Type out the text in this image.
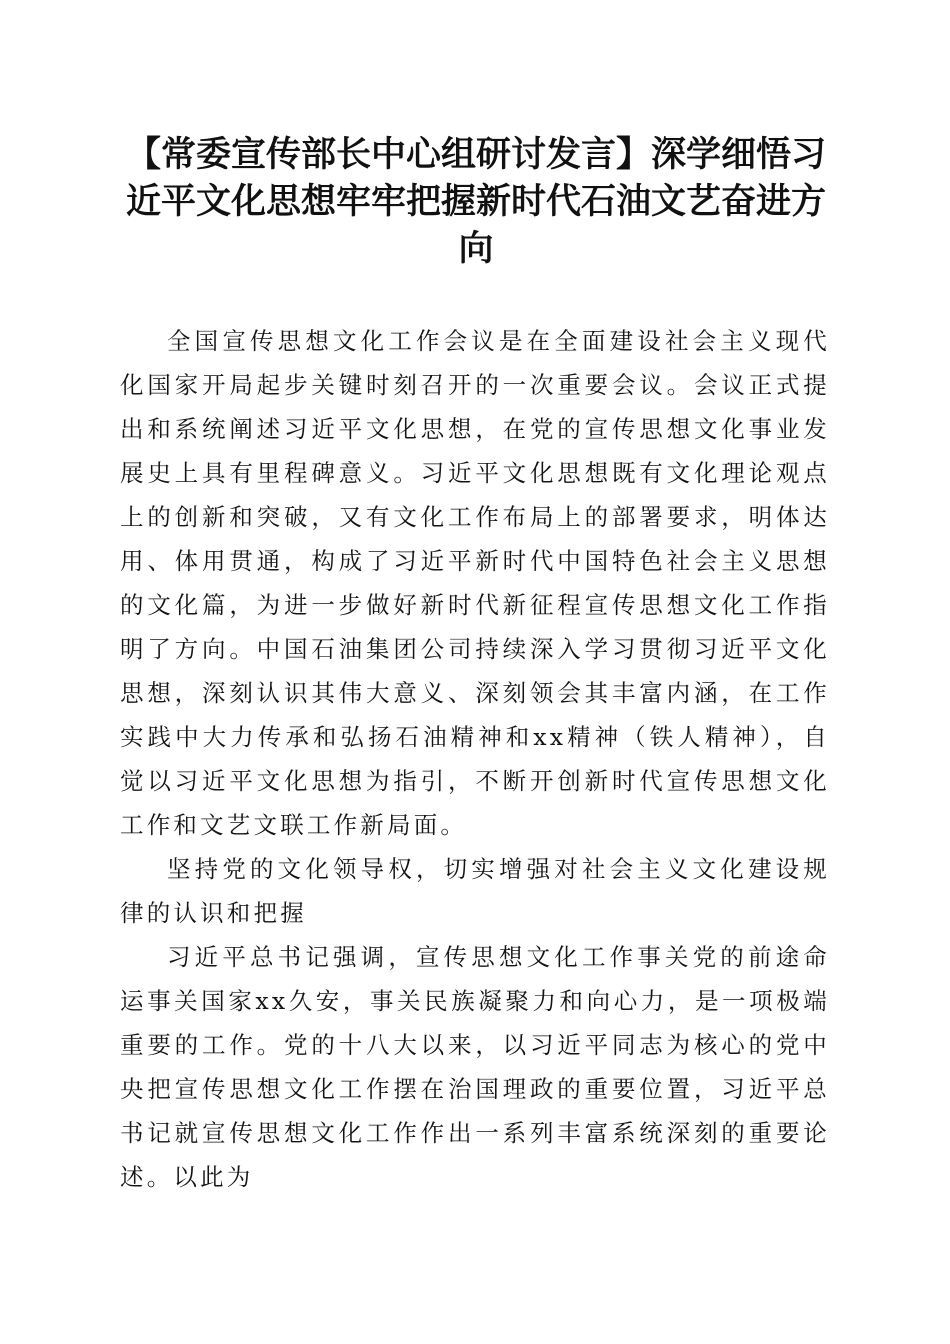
【常委宣传部长中心组研讨发言】深学细悟习近平文化思想牢牢把握新时代石油文艺奋进方向

全国宣传思想文化工作会议是在全面建设社会主义现代化国家开局起步关键时刻召开的一次重要会议。会议正式提出和系统阐述习近平文化思想，在党的宣传思想文化事业发展史上具有里程碑意义。习近平文化思想既有文化理论观点上的创新和突破，又有文化工作布局上的部署要求，明体达用、体用贯通，构成了习近平新时代中国特色社会主义思想的文化篇，为进一步做好新时代新征程宣传思想文化工作指明了方向。中国石油集团公司持续深入学习贯彻习近平文化思想，深刻认识其伟大意义、深刻领会其丰富内涵，在工作实践中大力传承和弘扬石油精神和xx精神（铁人精神），自觉以习近平文化思想为指引，不断开创新时代宣传思想文化工作和文艺文联工作新局面。

坚持党的文化领导权，切实增强对社会主义文化建设规律的认识和把握

习近平总书记强调，宣传思想文化工作事关党的前途命运事关国家xx久安，事关民族凝聚力和向心力，是一项极端重要的工作。党的十八大以来，以习近平同志为核心的党中央把宣传思想文化工作摆在治国理政的重要位置，习近平总书记就宣传思想文化工作作出一系列丰富系统深刻的重要论述。以此为
